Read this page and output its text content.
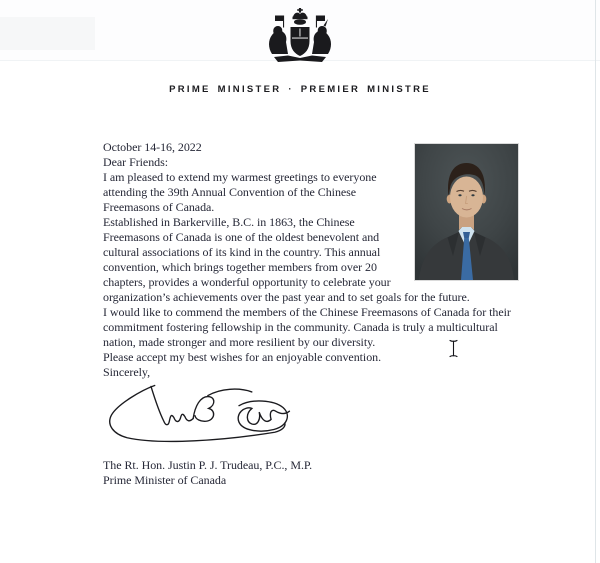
PRIME MINISTER · PREMIER MINISTRE

October 14-16, 2022

Dear Friends:

I am pleased to extend my warmest greetings to everyone attending the 39th Annual Convention of the Chinese Freemasons of Canada.

Established in Barkerville, B.C. in 1863, the Chinese Freemasons of Canada is one of the oldest benevolent and cultural associations of its kind in the country. This annual convention, which brings together members from over 20 chapters, provides a wonderful opportunity to celebrate your organization’s achievements over the past year and to set goals for the future.

I would like to commend the members of the Chinese Freemasons of Canada for their commitment fostering fellowship in the community. Canada is truly a multicultural nation, made stronger and more resilient by our diversity.

Please accept my best wishes for an enjoyable convention.

Sincerely,

The Rt. Hon. Justin P. J. Trudeau, P.C., M.P.

Prime Minister of Canada
